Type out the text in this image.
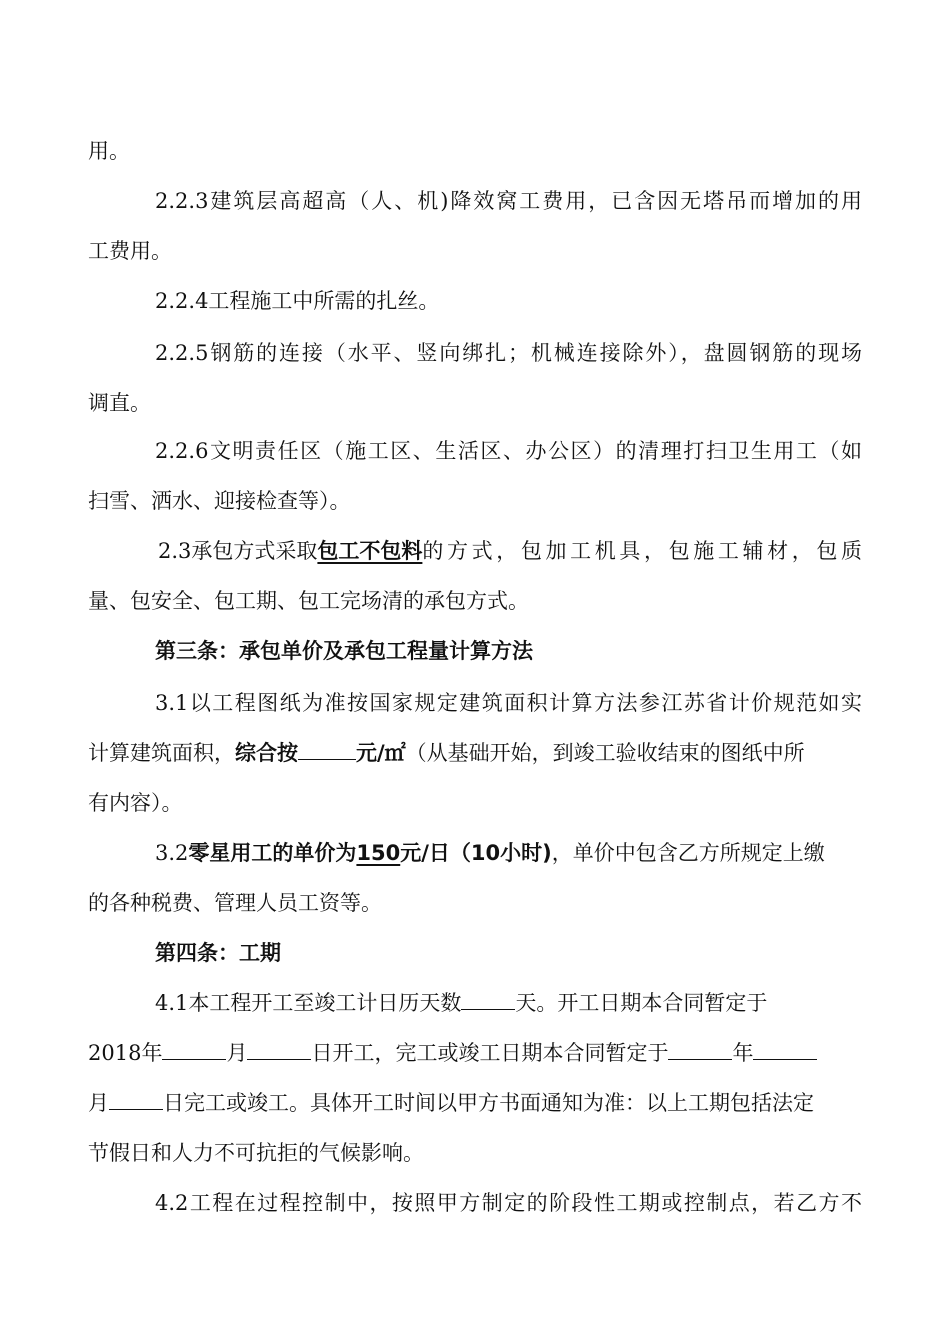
用。
2.2.3建筑层高超高（人、机)降效窝工费用，已含因无塔吊而增加的用
工费用。
2.2.4工程施工中所需的扎丝。
2.2.5钢筋的连接（水平、竖向绑扎；机械连接除外），盘圆钢筋的现场
调直。
2.2.6文明责任区（施工区、生活区、办公区）的清理打扫卫生用工（如
扫雪、洒水、迎接检查等）。
2.3承包方式采取 包工不包料 的方式，包加工机具，包施工辅材，包质
量、包安全、包工期、包工完场清的承包方式。
第三条：承包单价及承包工程量计算方法
3.1以工程图纸为准按国家规定建筑面积计算方法参江苏省计价规范如实
计算建筑面积，综合按	元/㎡（从基础开始，到竣工验收结束的图纸中所
有内容）。
3.2零星用工的单价为150元/日（10小时)，单价中包含乙方所规定上缴
的各种税费、管理人员工资等。
第四条：工期
4.1本工程开工至竣工计日历天数	天。开工日期本合同暂定于
2018年	月	日开工，完工或竣工日期本合同暂定于	年
月	日完工或竣工。具体开工时间以甲方书面通知为准：以上工期包括法定
节假日和人力不可抗拒的气候影响。
4.2工程在过程控制中，按照甲方制定的阶段性工期或控制点，若乙方不
